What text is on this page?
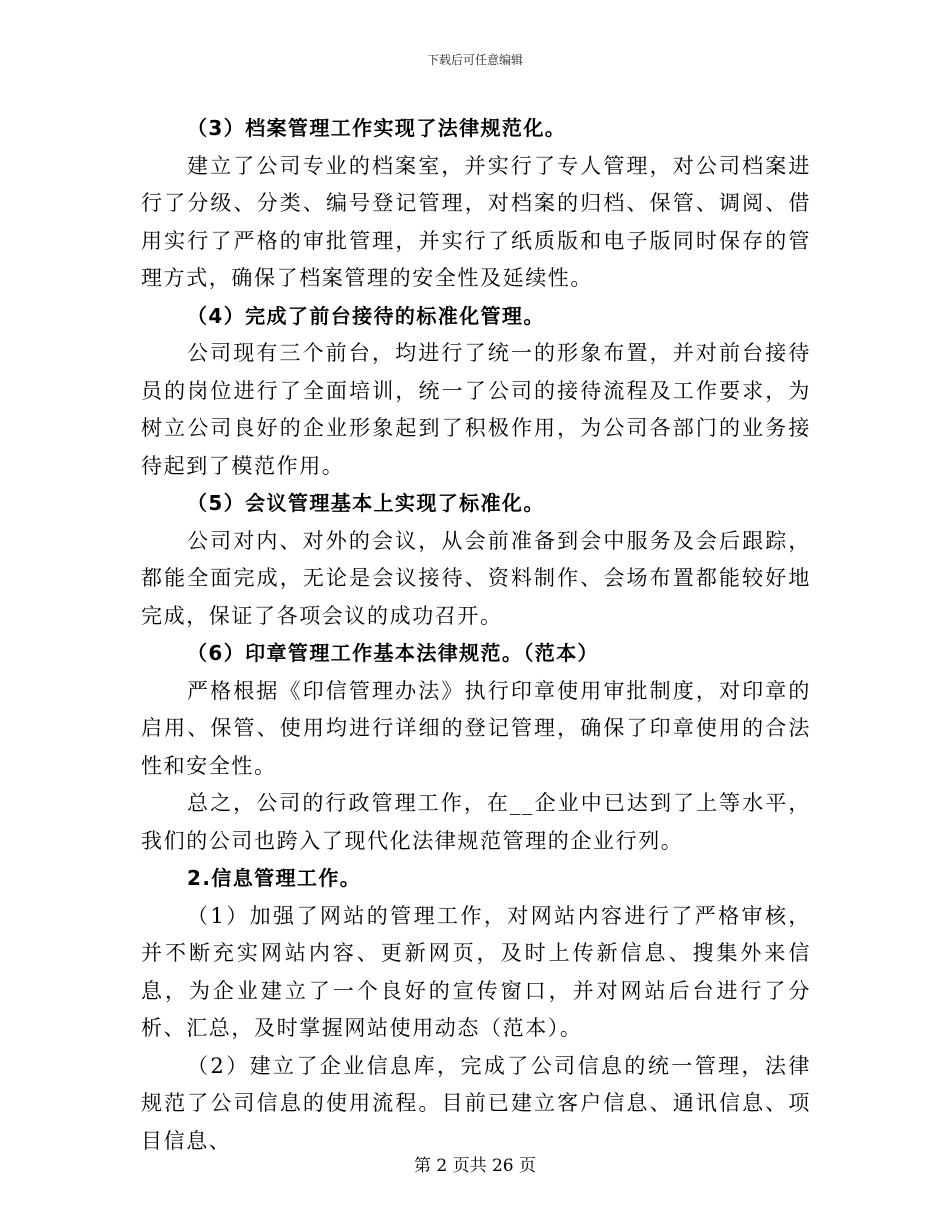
下载后可任意编辑

（3）档案管理工作实现了法律规范化。

建立了公司专业的档案室，并实行了专人管理，对公司档案进行了分级、分类、编号登记管理，对档案的归档、保管、调阅、借用实行了严格的审批管理，并实行了纸质版和电子版同时保存的管理方式，确保了档案管理的安全性及延续性。

（4）完成了前台接待的标准化管理。

公司现有三个前台，均进行了统一的形象布置，并对前台接待员的岗位进行了全面培训，统一了公司的接待流程及工作要求，为树立公司良好的企业形象起到了积极作用，为公司各部门的业务接待起到了模范作用。

（5）会议管理基本上实现了标准化。

公司对内、对外的会议，从会前准备到会中服务及会后跟踪，都能全面完成，无论是会议接待、资料制作、会场布置都能较好地完成，保证了各项会议的成功召开。

（6）印章管理工作基本法律规范。（范本）

严格根据《印信管理办法》执行印章使用审批制度，对印章的启用、保管、使用均进行详细的登记管理，确保了印章使用的合法性和安全性。

总之，公司的行政管理工作，在__企业中已达到了上等水平，我们的公司也跨入了现代化法律规范管理的企业行列。

2.信息管理工作。

（1）加强了网站的管理工作，对网站内容进行了严格审核，并不断充实网站内容、更新网页，及时上传新信息、搜集外来信息，为企业建立了一个良好的宣传窗口，并对网站后台进行了分析、汇总，及时掌握网站使用动态（范本）。

（2）建立了企业信息库，完成了公司信息的统一管理，法律规范了公司信息的使用流程。目前已建立客户信息、通讯信息、项目信息、

第 2 页共 26 页
